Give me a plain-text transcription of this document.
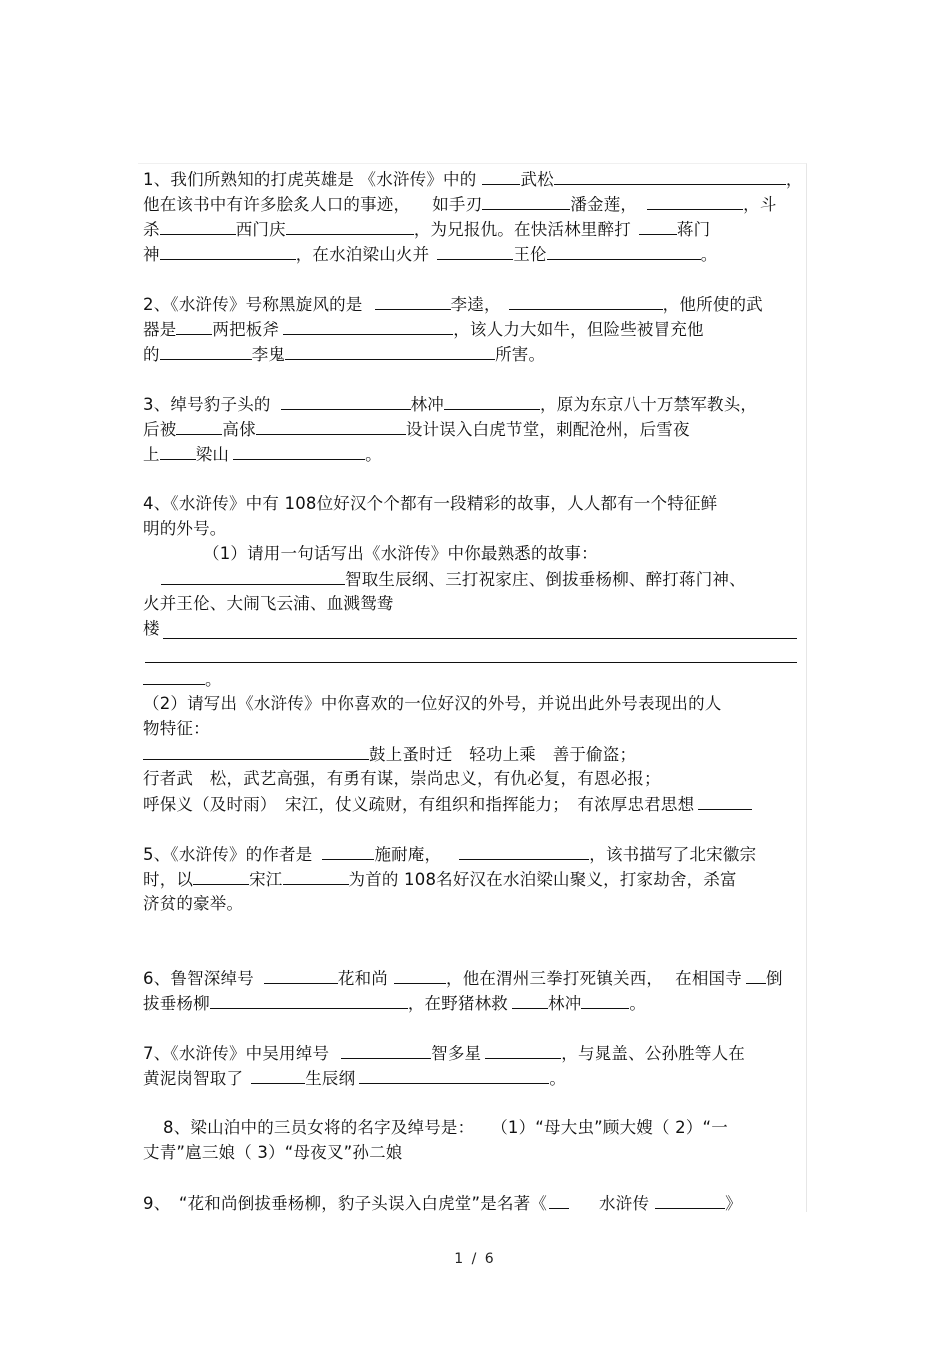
1、我们所熟知的打虎英雄是 《水浒传》中的	武松	，
他在该书中有许多脍炙人口的事迹， 如手刃	潘金莲，	，斗
杀	西门庆	，为兄报仇。在快活林里醉打	蒋门
神	，在水泊梁山火并	王伦	。
2、《水浒传》号称黑旋风的是	李逵，	，他所使的武
器是 两把板斧	，该人力大如牛，但险些被冒充他
的	李鬼	所害。
3、绰号豹子头的	林冲	，原为东京八十万禁军教头，
后被	高俅	设计误入白虎节堂，刺配沧州，后雪夜
上 梁山	。
4、《水浒传》中有 108位好汉个个都有一段精彩的故事，人人都有一个特征鲜
明的外号。
（1）请用一句话写出《水浒传》中你最熟悉的故事：
智取生辰纲、三打祝家庄、倒拔垂杨柳、醉打蒋门神、
火并王伦、大闹飞云浦、血溅鸳鸯
楼
。
（2）请写出《水浒传》中你喜欢的一位好汉的外号，并说出此外号表现出的人
物特征：
鼓上蚤时迁　轻功上乘　善于偷盗；
行者武　松，武艺高强，有勇有谋，崇尚忠义，有仇必复，有恩必报；
呼保义（及时雨）　宋江，仗义疏财，有组织和指挥能力；　有浓厚忠君思想
5、《水浒传》的作者是	施耐庵，	，该书描写了北宋徽宗
时，以	宋江	为首的 108名好汉在水泊梁山聚义，打家劫舍，杀富
济贫的豪举。
6、鲁智深绰号	花和尚	，他在渭州三拳打死镇关西， 在相国寺 倒
拔垂杨柳	，在野猪林救 林冲	。
7、《水浒传》中吴用绰号	智多星	，与晁盖、公孙胜等人在
黄泥岗智取了	生辰纲	。
8、梁山泊中的三员女将的名字及绰号是：　　（1）“母大虫”顾大嫂（ 2）“一
丈青”扈三娘（ 3）“母夜叉”孙二娘
9、　“花和尚倒拔垂杨柳，豹子头误入白虎堂”是名著《	水浒传	》
1 / 6
